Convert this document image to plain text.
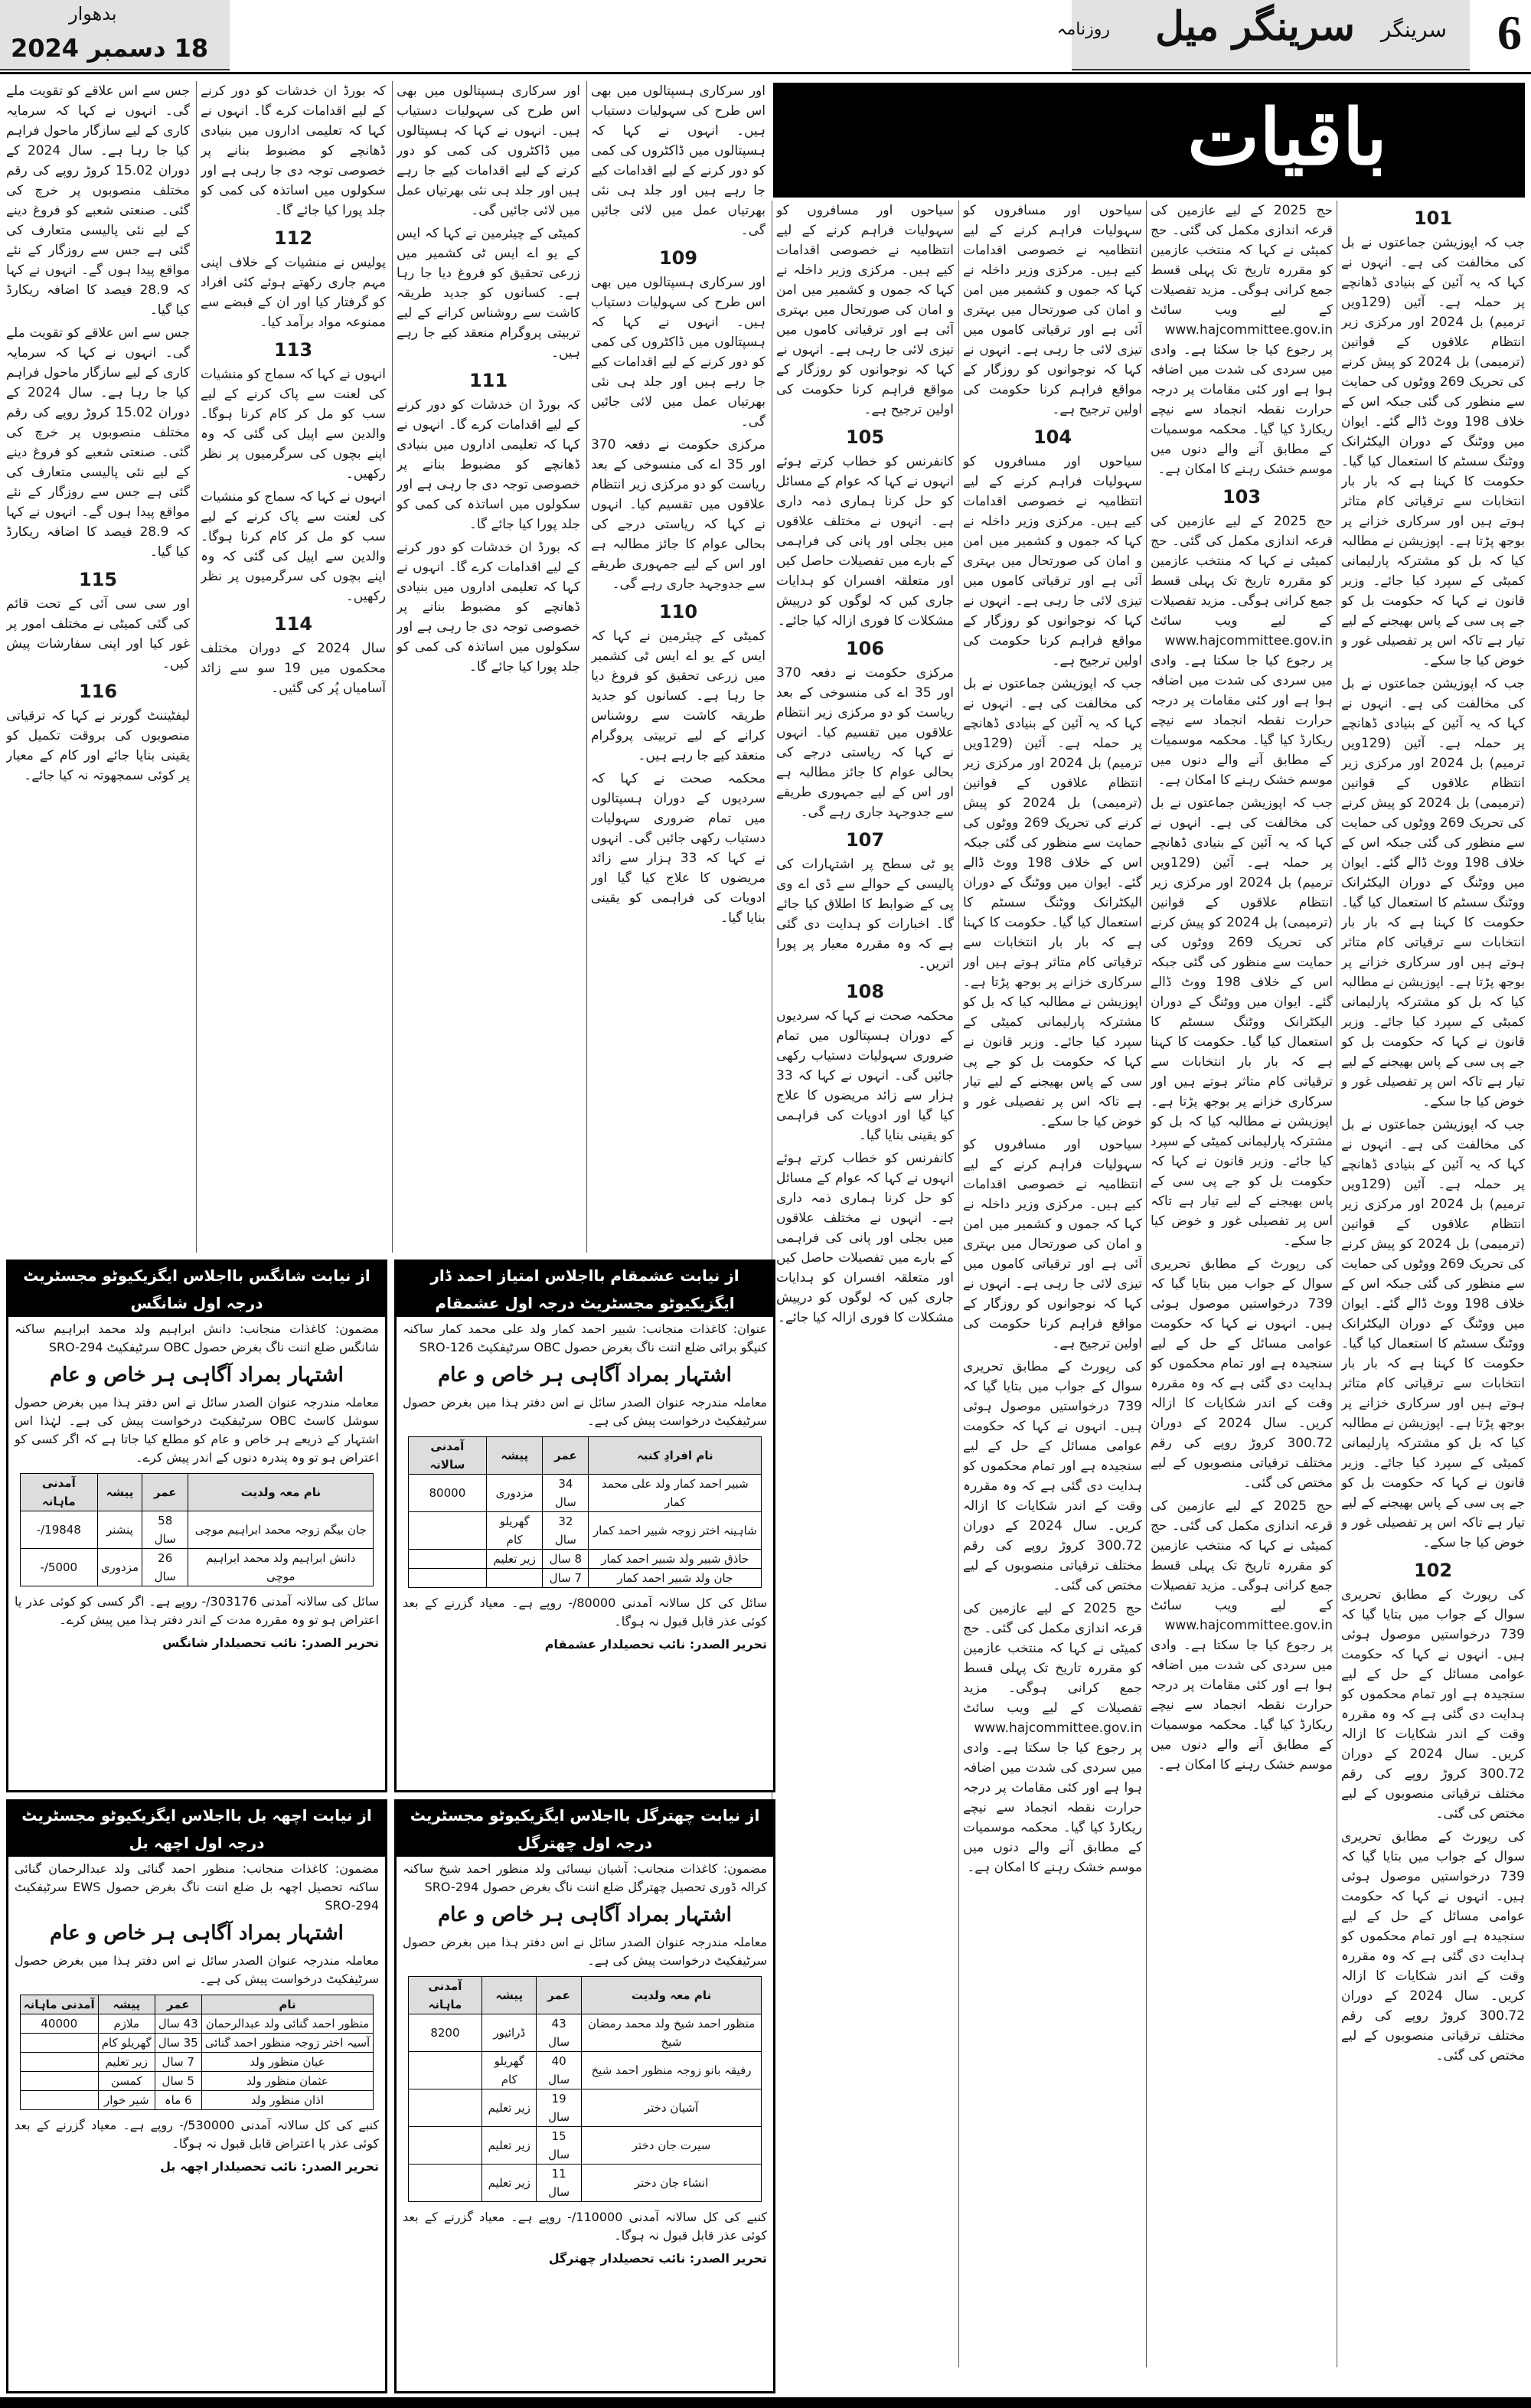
6
سرینگر میل سرینگر
روزنامہ
بدھوار
18 دسمبر 2024
باقیات
101

جب کہ اپوزیشن جماعتوں نے بل کی مخالفت کی ہے۔ انہوں نے کہا کہ یہ آئین کے بنیادی ڈھانچے پر حملہ ہے۔ آئین (129ویں ترمیم) بل 2024 اور مرکزی زیر انتظام علاقوں کے قوانین (ترمیمی) بل 2024 کو پیش کرنے کی تحریک 269 ووٹوں کی حمایت سے منظور کی گئی جبکہ اس کے خلاف 198 ووٹ ڈالے گئے۔ ایوان میں ووٹنگ کے دوران الیکٹرانک ووٹنگ سسٹم کا استعمال کیا گیا۔ حکومت کا کہنا ہے کہ بار بار انتخابات سے ترقیاتی کام متاثر ہوتے ہیں اور سرکاری خزانے پر بوجھ پڑتا ہے۔ اپوزیشن نے مطالبہ کیا کہ بل کو مشترکہ پارلیمانی کمیٹی کے سپرد کیا جائے۔ وزیر قانون نے کہا کہ حکومت بل کو جے پی سی کے پاس بھیجنے کے لیے تیار ہے تاکہ اس پر تفصیلی غور و خوض کیا جا سکے۔

جب کہ اپوزیشن جماعتوں نے بل کی مخالفت کی ہے۔ انہوں نے کہا کہ یہ آئین کے بنیادی ڈھانچے پر حملہ ہے۔ آئین (129ویں ترمیم) بل 2024 اور مرکزی زیر انتظام علاقوں کے قوانین (ترمیمی) بل 2024 کو پیش کرنے کی تحریک 269 ووٹوں کی حمایت سے منظور کی گئی جبکہ اس کے خلاف 198 ووٹ ڈالے گئے۔ ایوان میں ووٹنگ کے دوران الیکٹرانک ووٹنگ سسٹم کا استعمال کیا گیا۔ حکومت کا کہنا ہے کہ بار بار انتخابات سے ترقیاتی کام متاثر ہوتے ہیں اور سرکاری خزانے پر بوجھ پڑتا ہے۔ اپوزیشن نے مطالبہ کیا کہ بل کو مشترکہ پارلیمانی کمیٹی کے سپرد کیا جائے۔ وزیر قانون نے کہا کہ حکومت بل کو جے پی سی کے پاس بھیجنے کے لیے تیار ہے تاکہ اس پر تفصیلی غور و خوض کیا جا سکے۔

جب کہ اپوزیشن جماعتوں نے بل کی مخالفت کی ہے۔ انہوں نے کہا کہ یہ آئین کے بنیادی ڈھانچے پر حملہ ہے۔ آئین (129ویں ترمیم) بل 2024 اور مرکزی زیر انتظام علاقوں کے قوانین (ترمیمی) بل 2024 کو پیش کرنے کی تحریک 269 ووٹوں کی حمایت سے منظور کی گئی جبکہ اس کے خلاف 198 ووٹ ڈالے گئے۔ ایوان میں ووٹنگ کے دوران الیکٹرانک ووٹنگ سسٹم کا استعمال کیا گیا۔ حکومت کا کہنا ہے کہ بار بار انتخابات سے ترقیاتی کام متاثر ہوتے ہیں اور سرکاری خزانے پر بوجھ پڑتا ہے۔ اپوزیشن نے مطالبہ کیا کہ بل کو مشترکہ پارلیمانی کمیٹی کے سپرد کیا جائے۔ وزیر قانون نے کہا کہ حکومت بل کو جے پی سی کے پاس بھیجنے کے لیے تیار ہے تاکہ اس پر تفصیلی غور و خوض کیا جا سکے۔

102

کی رپورٹ کے مطابق تحریری سوال کے جواب میں بتایا گیا کہ 739 درخواستیں موصول ہوئی ہیں۔ انہوں نے کہا کہ حکومت عوامی مسائل کے حل کے لیے سنجیدہ ہے اور تمام محکموں کو ہدایت دی گئی ہے کہ وہ مقررہ وقت کے اندر شکایات کا ازالہ کریں۔ سال 2024 کے دوران 300.72 کروڑ روپے کی رقم مختلف ترقیاتی منصوبوں کے لیے مختص کی گئی۔

کی رپورٹ کے مطابق تحریری سوال کے جواب میں بتایا گیا کہ 739 درخواستیں موصول ہوئی ہیں۔ انہوں نے کہا کہ حکومت عوامی مسائل کے حل کے لیے سنجیدہ ہے اور تمام محکموں کو ہدایت دی گئی ہے کہ وہ مقررہ وقت کے اندر شکایات کا ازالہ کریں۔ سال 2024 کے دوران 300.72 کروڑ روپے کی رقم مختلف ترقیاتی منصوبوں کے لیے مختص کی گئی۔

حج 2025 کے لیے عازمین کی قرعہ اندازی مکمل کی گئی۔ حج کمیٹی نے کہا کہ منتخب عازمین کو مقررہ تاریخ تک پہلی قسط جمع کرانی ہوگی۔ مزید تفصیلات کے لیے ویب سائٹ www.hajcommittee.gov.in پر رجوع کیا جا سکتا ہے۔ وادی میں سردی کی شدت میں اضافہ ہوا ہے اور کئی مقامات پر درجہ حرارت نقطہ انجماد سے نیچے ریکارڈ کیا گیا۔ محکمہ موسمیات کے مطابق آنے والے دنوں میں موسم خشک رہنے کا امکان ہے۔

103

حج 2025 کے لیے عازمین کی قرعہ اندازی مکمل کی گئی۔ حج کمیٹی نے کہا کہ منتخب عازمین کو مقررہ تاریخ تک پہلی قسط جمع کرانی ہوگی۔ مزید تفصیلات کے لیے ویب سائٹ www.hajcommittee.gov.in پر رجوع کیا جا سکتا ہے۔ وادی میں سردی کی شدت میں اضافہ ہوا ہے اور کئی مقامات پر درجہ حرارت نقطہ انجماد سے نیچے ریکارڈ کیا گیا۔ محکمہ موسمیات کے مطابق آنے والے دنوں میں موسم خشک رہنے کا امکان ہے۔

جب کہ اپوزیشن جماعتوں نے بل کی مخالفت کی ہے۔ انہوں نے کہا کہ یہ آئین کے بنیادی ڈھانچے پر حملہ ہے۔ آئین (129ویں ترمیم) بل 2024 اور مرکزی زیر انتظام علاقوں کے قوانین (ترمیمی) بل 2024 کو پیش کرنے کی تحریک 269 ووٹوں کی حمایت سے منظور کی گئی جبکہ اس کے خلاف 198 ووٹ ڈالے گئے۔ ایوان میں ووٹنگ کے دوران الیکٹرانک ووٹنگ سسٹم کا استعمال کیا گیا۔ حکومت کا کہنا ہے کہ بار بار انتخابات سے ترقیاتی کام متاثر ہوتے ہیں اور سرکاری خزانے پر بوجھ پڑتا ہے۔ اپوزیشن نے مطالبہ کیا کہ بل کو مشترکہ پارلیمانی کمیٹی کے سپرد کیا جائے۔ وزیر قانون نے کہا کہ حکومت بل کو جے پی سی کے پاس بھیجنے کے لیے تیار ہے تاکہ اس پر تفصیلی غور و خوض کیا جا سکے۔

کی رپورٹ کے مطابق تحریری سوال کے جواب میں بتایا گیا کہ 739 درخواستیں موصول ہوئی ہیں۔ انہوں نے کہا کہ حکومت عوامی مسائل کے حل کے لیے سنجیدہ ہے اور تمام محکموں کو ہدایت دی گئی ہے کہ وہ مقررہ وقت کے اندر شکایات کا ازالہ کریں۔ سال 2024 کے دوران 300.72 کروڑ روپے کی رقم مختلف ترقیاتی منصوبوں کے لیے مختص کی گئی۔

حج 2025 کے لیے عازمین کی قرعہ اندازی مکمل کی گئی۔ حج کمیٹی نے کہا کہ منتخب عازمین کو مقررہ تاریخ تک پہلی قسط جمع کرانی ہوگی۔ مزید تفصیلات کے لیے ویب سائٹ www.hajcommittee.gov.in پر رجوع کیا جا سکتا ہے۔ وادی میں سردی کی شدت میں اضافہ ہوا ہے اور کئی مقامات پر درجہ حرارت نقطہ انجماد سے نیچے ریکارڈ کیا گیا۔ محکمہ موسمیات کے مطابق آنے والے دنوں میں موسم خشک رہنے کا امکان ہے۔

سیاحوں اور مسافروں کو سہولیات فراہم کرنے کے لیے انتظامیہ نے خصوصی اقدامات کیے ہیں۔ مرکزی وزیر داخلہ نے کہا کہ جموں و کشمیر میں امن و امان کی صورتحال میں بہتری آئی ہے اور ترقیاتی کاموں میں تیزی لائی جا رہی ہے۔ انہوں نے کہا کہ نوجوانوں کو روزگار کے مواقع فراہم کرنا حکومت کی اولین ترجیح ہے۔

104

سیاحوں اور مسافروں کو سہولیات فراہم کرنے کے لیے انتظامیہ نے خصوصی اقدامات کیے ہیں۔ مرکزی وزیر داخلہ نے کہا کہ جموں و کشمیر میں امن و امان کی صورتحال میں بہتری آئی ہے اور ترقیاتی کاموں میں تیزی لائی جا رہی ہے۔ انہوں نے کہا کہ نوجوانوں کو روزگار کے مواقع فراہم کرنا حکومت کی اولین ترجیح ہے۔

جب کہ اپوزیشن جماعتوں نے بل کی مخالفت کی ہے۔ انہوں نے کہا کہ یہ آئین کے بنیادی ڈھانچے پر حملہ ہے۔ آئین (129ویں ترمیم) بل 2024 اور مرکزی زیر انتظام علاقوں کے قوانین (ترمیمی) بل 2024 کو پیش کرنے کی تحریک 269 ووٹوں کی حمایت سے منظور کی گئی جبکہ اس کے خلاف 198 ووٹ ڈالے گئے۔ ایوان میں ووٹنگ کے دوران الیکٹرانک ووٹنگ سسٹم کا استعمال کیا گیا۔ حکومت کا کہنا ہے کہ بار بار انتخابات سے ترقیاتی کام متاثر ہوتے ہیں اور سرکاری خزانے پر بوجھ پڑتا ہے۔ اپوزیشن نے مطالبہ کیا کہ بل کو مشترکہ پارلیمانی کمیٹی کے سپرد کیا جائے۔ وزیر قانون نے کہا کہ حکومت بل کو جے پی سی کے پاس بھیجنے کے لیے تیار ہے تاکہ اس پر تفصیلی غور و خوض کیا جا سکے۔

سیاحوں اور مسافروں کو سہولیات فراہم کرنے کے لیے انتظامیہ نے خصوصی اقدامات کیے ہیں۔ مرکزی وزیر داخلہ نے کہا کہ جموں و کشمیر میں امن و امان کی صورتحال میں بہتری آئی ہے اور ترقیاتی کاموں میں تیزی لائی جا رہی ہے۔ انہوں نے کہا کہ نوجوانوں کو روزگار کے مواقع فراہم کرنا حکومت کی اولین ترجیح ہے۔

کی رپورٹ کے مطابق تحریری سوال کے جواب میں بتایا گیا کہ 739 درخواستیں موصول ہوئی ہیں۔ انہوں نے کہا کہ حکومت عوامی مسائل کے حل کے لیے سنجیدہ ہے اور تمام محکموں کو ہدایت دی گئی ہے کہ وہ مقررہ وقت کے اندر شکایات کا ازالہ کریں۔ سال 2024 کے دوران 300.72 کروڑ روپے کی رقم مختلف ترقیاتی منصوبوں کے لیے مختص کی گئی۔

حج 2025 کے لیے عازمین کی قرعہ اندازی مکمل کی گئی۔ حج کمیٹی نے کہا کہ منتخب عازمین کو مقررہ تاریخ تک پہلی قسط جمع کرانی ہوگی۔ مزید تفصیلات کے لیے ویب سائٹ www.hajcommittee.gov.in پر رجوع کیا جا سکتا ہے۔ وادی میں سردی کی شدت میں اضافہ ہوا ہے اور کئی مقامات پر درجہ حرارت نقطہ انجماد سے نیچے ریکارڈ کیا گیا۔ محکمہ موسمیات کے مطابق آنے والے دنوں میں موسم خشک رہنے کا امکان ہے۔

سیاحوں اور مسافروں کو سہولیات فراہم کرنے کے لیے انتظامیہ نے خصوصی اقدامات کیے ہیں۔ مرکزی وزیر داخلہ نے کہا کہ جموں و کشمیر میں امن و امان کی صورتحال میں بہتری آئی ہے اور ترقیاتی کاموں میں تیزی لائی جا رہی ہے۔ انہوں نے کہا کہ نوجوانوں کو روزگار کے مواقع فراہم کرنا حکومت کی اولین ترجیح ہے۔

105

کانفرنس کو خطاب کرتے ہوئے انہوں نے کہا کہ عوام کے مسائل کو حل کرنا ہماری ذمہ داری ہے۔ انہوں نے مختلف علاقوں میں بجلی اور پانی کی فراہمی کے بارے میں تفصیلات حاصل کیں اور متعلقہ افسران کو ہدایات جاری کیں کہ لوگوں کو درپیش مشکلات کا فوری ازالہ کیا جائے۔

106

مرکزی حکومت نے دفعہ 370 اور 35 اے کی منسوخی کے بعد ریاست کو دو مرکزی زیر انتظام علاقوں میں تقسیم کیا۔ انہوں نے کہا کہ ریاستی درجے کی بحالی عوام کا جائز مطالبہ ہے اور اس کے لیے جمہوری طریقے سے جدوجہد جاری رہے گی۔

107

یو ٹی سطح پر اشتہارات کی پالیسی کے حوالے سے ڈی اے وی پی کے ضوابط کا اطلاق کیا جائے گا۔ اخبارات کو ہدایت دی گئی ہے کہ وہ مقررہ معیار پر پورا اتریں۔

108

محکمہ صحت نے کہا کہ سردیوں کے دوران ہسپتالوں میں تمام ضروری سہولیات دستیاب رکھی جائیں گی۔ انہوں نے کہا کہ 33 ہزار سے زائد مریضوں کا علاج کیا گیا اور ادویات کی فراہمی کو یقینی بنایا گیا۔

کانفرنس کو خطاب کرتے ہوئے انہوں نے کہا کہ عوام کے مسائل کو حل کرنا ہماری ذمہ داری ہے۔ انہوں نے مختلف علاقوں میں بجلی اور پانی کی فراہمی کے بارے میں تفصیلات حاصل کیں اور متعلقہ افسران کو ہدایات جاری کیں کہ لوگوں کو درپیش مشکلات کا فوری ازالہ کیا جائے۔

اور سرکاری ہسپتالوں میں بھی اس طرح کی سہولیات دستیاب ہیں۔ انہوں نے کہا کہ ہسپتالوں میں ڈاکٹروں کی کمی کو دور کرنے کے لیے اقدامات کیے جا رہے ہیں اور جلد ہی نئی بھرتیاں عمل میں لائی جائیں گی۔

109

اور سرکاری ہسپتالوں میں بھی اس طرح کی سہولیات دستیاب ہیں۔ انہوں نے کہا کہ ہسپتالوں میں ڈاکٹروں کی کمی کو دور کرنے کے لیے اقدامات کیے جا رہے ہیں اور جلد ہی نئی بھرتیاں عمل میں لائی جائیں گی۔

مرکزی حکومت نے دفعہ 370 اور 35 اے کی منسوخی کے بعد ریاست کو دو مرکزی زیر انتظام علاقوں میں تقسیم کیا۔ انہوں نے کہا کہ ریاستی درجے کی بحالی عوام کا جائز مطالبہ ہے اور اس کے لیے جمہوری طریقے سے جدوجہد جاری رہے گی۔

110

کمیٹی کے چیئرمین نے کہا کہ ایس کے یو اے ایس ٹی کشمیر میں زرعی تحقیق کو فروغ دیا جا رہا ہے۔ کسانوں کو جدید طریقہ کاشت سے روشناس کرانے کے لیے تربیتی پروگرام منعقد کیے جا رہے ہیں۔

محکمہ صحت نے کہا کہ سردیوں کے دوران ہسپتالوں میں تمام ضروری سہولیات دستیاب رکھی جائیں گی۔ انہوں نے کہا کہ 33 ہزار سے زائد مریضوں کا علاج کیا گیا اور ادویات کی فراہمی کو یقینی بنایا گیا۔

اور سرکاری ہسپتالوں میں بھی اس طرح کی سہولیات دستیاب ہیں۔ انہوں نے کہا کہ ہسپتالوں میں ڈاکٹروں کی کمی کو دور کرنے کے لیے اقدامات کیے جا رہے ہیں اور جلد ہی نئی بھرتیاں عمل میں لائی جائیں گی۔

کمیٹی کے چیئرمین نے کہا کہ ایس کے یو اے ایس ٹی کشمیر میں زرعی تحقیق کو فروغ دیا جا رہا ہے۔ کسانوں کو جدید طریقہ کاشت سے روشناس کرانے کے لیے تربیتی پروگرام منعقد کیے جا رہے ہیں۔

111

کہ بورڈ ان خدشات کو دور کرنے کے لیے اقدامات کرے گا۔ انہوں نے کہا کہ تعلیمی اداروں میں بنیادی ڈھانچے کو مضبوط بنانے پر خصوصی توجہ دی جا رہی ہے اور سکولوں میں اساتذہ کی کمی کو جلد پورا کیا جائے گا۔

کہ بورڈ ان خدشات کو دور کرنے کے لیے اقدامات کرے گا۔ انہوں نے کہا کہ تعلیمی اداروں میں بنیادی ڈھانچے کو مضبوط بنانے پر خصوصی توجہ دی جا رہی ہے اور سکولوں میں اساتذہ کی کمی کو جلد پورا کیا جائے گا۔

کہ بورڈ ان خدشات کو دور کرنے کے لیے اقدامات کرے گا۔ انہوں نے کہا کہ تعلیمی اداروں میں بنیادی ڈھانچے کو مضبوط بنانے پر خصوصی توجہ دی جا رہی ہے اور سکولوں میں اساتذہ کی کمی کو جلد پورا کیا جائے گا۔

112

پولیس نے منشیات کے خلاف اپنی مہم جاری رکھتے ہوئے کئی افراد کو گرفتار کیا اور ان کے قبضے سے ممنوعہ مواد برآمد کیا۔

113

انہوں نے کہا کہ سماج کو منشیات کی لعنت سے پاک کرنے کے لیے سب کو مل کر کام کرنا ہوگا۔ والدین سے اپیل کی گئی کہ وہ اپنے بچوں کی سرگرمیوں پر نظر رکھیں۔

انہوں نے کہا کہ سماج کو منشیات کی لعنت سے پاک کرنے کے لیے سب کو مل کر کام کرنا ہوگا۔ والدین سے اپیل کی گئی کہ وہ اپنے بچوں کی سرگرمیوں پر نظر رکھیں۔

114

سال 2024 کے دوران مختلف محکموں میں 19 سو سے زائد آسامیاں پُر کی گئیں۔

جس سے اس علاقے کو تقویت ملے گی۔ انہوں نے کہا کہ سرمایہ کاری کے لیے سازگار ماحول فراہم کیا جا رہا ہے۔ سال 2024 کے دوران 15.02 کروڑ روپے کی رقم مختلف منصوبوں پر خرچ کی گئی۔ صنعتی شعبے کو فروغ دینے کے لیے نئی پالیسی متعارف کی گئی ہے جس سے روزگار کے نئے مواقع پیدا ہوں گے۔ انہوں نے کہا کہ 28.9 فیصد کا اضافہ ریکارڈ کیا گیا۔

جس سے اس علاقے کو تقویت ملے گی۔ انہوں نے کہا کہ سرمایہ کاری کے لیے سازگار ماحول فراہم کیا جا رہا ہے۔ سال 2024 کے دوران 15.02 کروڑ روپے کی رقم مختلف منصوبوں پر خرچ کی گئی۔ صنعتی شعبے کو فروغ دینے کے لیے نئی پالیسی متعارف کی گئی ہے جس سے روزگار کے نئے مواقع پیدا ہوں گے۔ انہوں نے کہا کہ 28.9 فیصد کا اضافہ ریکارڈ کیا گیا۔

115

اور سی سی آئی کے تحت قائم کی گئی کمیٹی نے مختلف امور پر غور کیا اور اپنی سفارشات پیش کیں۔

116

لیفٹیننٹ گورنر نے کہا کہ ترقیاتی منصوبوں کی بروقت تکمیل کو یقینی بنایا جائے اور کام کے معیار پر کوئی سمجھوتہ نہ کیا جائے۔

از نیابت شانگس بااجلاس ایگزیکیوٹو مجسٹریٹ درجہ اول شانگس
مضمون: کاغذات منجانب: دانش ابراہیم ولد محمد ابراہیم ساکنہ شانگس ضلع اننت ناگ بغرض حصول OBC سرٹیفکیٹ SRO-294
اشتہار بمراد آگاہی ہر خاص و عام
معاملہ مندرجہ عنوان الصدر سائل نے اس دفتر ہذا میں بغرض حصول سوشل کاسٹ OBC سرٹیفکیٹ درخواست پیش کی ہے۔ لہٰذا اس اشتہار کے ذریعے ہر خاص و عام کو مطلع کیا جاتا ہے کہ اگر کسی کو اعتراض ہو تو وہ پندرہ دنوں کے اندر پیش کرے۔
نام معہ ولدیت	عمر	پیشہ	آمدنی ماہانہ
جان بیگم زوجہ محمد ابراہیم موچی	58 سال	پنشنر	19848/-
دانش ابراہیم ولد محمد ابراہیم موچی	26 سال	مزدوری	5000/-
سائل کی سالانہ آمدنی 303176/- روپے ہے۔ اگر کسی کو کوئی عذر یا اعتراض ہو تو وہ مقررہ مدت کے اندر دفتر ہذا میں پیش کرے۔
تحریر الصدر: نائب تحصیلدار شانگس
از نیابت عشمقام بااجلاس امتیاز احمد ڈار ایگزیکیوٹو مجسٹریٹ درجہ اول عشمقام
عنوان: کاغذات منجانب: شبیر احمد کمار ولد علی محمد کمار ساکنہ کنیگو برائی ضلع اننت ناگ بغرض حصول OBC سرٹیفکیٹ SRO-126
اشتہار بمراد آگاہی ہر خاص و عام
معاملہ مندرجہ عنوان الصدر سائل نے اس دفتر ہذا میں بغرض حصول سرٹیفکیٹ درخواست پیش کی ہے۔
نام افرادِ کنبہ	عمر	پیشہ	آمدنی سالانہ
شبیر احمد کمار ولد علی محمد کمار	34 سال	مزدوری	80000
شاہینہ اختر زوجہ شبیر احمد کمار	32 سال	گھریلو کام	
حاذق شبیر ولد شبیر احمد کمار	8 سال	زیر تعلیم	
جان ولد شبیر احمد کمار	7 سال		
سائل کی کل سالانہ آمدنی 80000/- روپے ہے۔ معیاد گزرنے کے بعد کوئی عذر قابل قبول نہ ہوگا۔
تحریر الصدر: نائب تحصیلدار عشمقام
از نیابت اچھہ بل بااجلاس ایگزیکیوٹو مجسٹریٹ درجہ اول اچھہ بل
مضمون: کاغذات منجانب: منظور احمد گنائی ولد عبدالرحمان گنائی ساکنہ تحصیل اچھہ بل ضلع اننت ناگ بغرض حصول EWS سرٹیفکیٹ SRO-294
اشتہار بمراد آگاہی ہر خاص و عام
معاملہ مندرجہ عنوان الصدر سائل نے اس دفتر ہذا میں بغرض حصول سرٹیفکیٹ درخواست پیش کی ہے۔
نام	عمر	پیشہ	آمدنی ماہانہ
منظور احمد گنائی ولد عبدالرحمان	43 سال	ملازم	40000
آسیہ اختر زوجہ منظور احمد گنائی	35 سال	گھریلو کام	
عیان منظور ولد	7 سال	زیر تعلیم	
عثمان منظور ولد	5 سال	کمسن	
اذان منظور ولد	6 ماہ	شیر خوار	
کنبے کی کل سالانہ آمدنی 530000/- روپے ہے۔ معیاد گزرنے کے بعد کوئی عذر یا اعتراض قابل قبول نہ ہوگا۔
تحریر الصدر: نائب تحصیلدار اچھہ بل
از نیابت چھترگل بااجلاس ایگزیکیوٹو مجسٹریٹ درجہ اول چھترگل
مضمون: کاغذات منجانب: آشیان نیسائی ولد منظور احمد شیخ ساکنہ کرالہ ڈوری تحصیل چھترگل ضلع اننت ناگ بغرض حصول SRO-294
اشتہار بمراد آگاہی ہر خاص و عام
معاملہ مندرجہ عنوان الصدر سائل نے اس دفتر ہذا میں بغرض حصول سرٹیفکیٹ درخواست پیش کی ہے۔
نام معہ ولدیت	عمر	پیشہ	آمدنی ماہانہ
منظور احمد شیخ ولد محمد رمضان شیخ	43 سال	ڈرائیور	8200
رفیقہ بانو زوجہ منظور احمد شیخ	40 سال	گھریلو کام	
آشیان دختر	19 سال	زیر تعلیم	
سیرت جان دختر	15 سال	زیر تعلیم	
انشاء جان دختر	11 سال	زیر تعلیم	
کنبے کی کل سالانہ آمدنی 110000/- روپے ہے۔ معیاد گزرنے کے بعد کوئی عذر قابل قبول نہ ہوگا۔
تحریر الصدر: نائب تحصیلدار چھترگل
